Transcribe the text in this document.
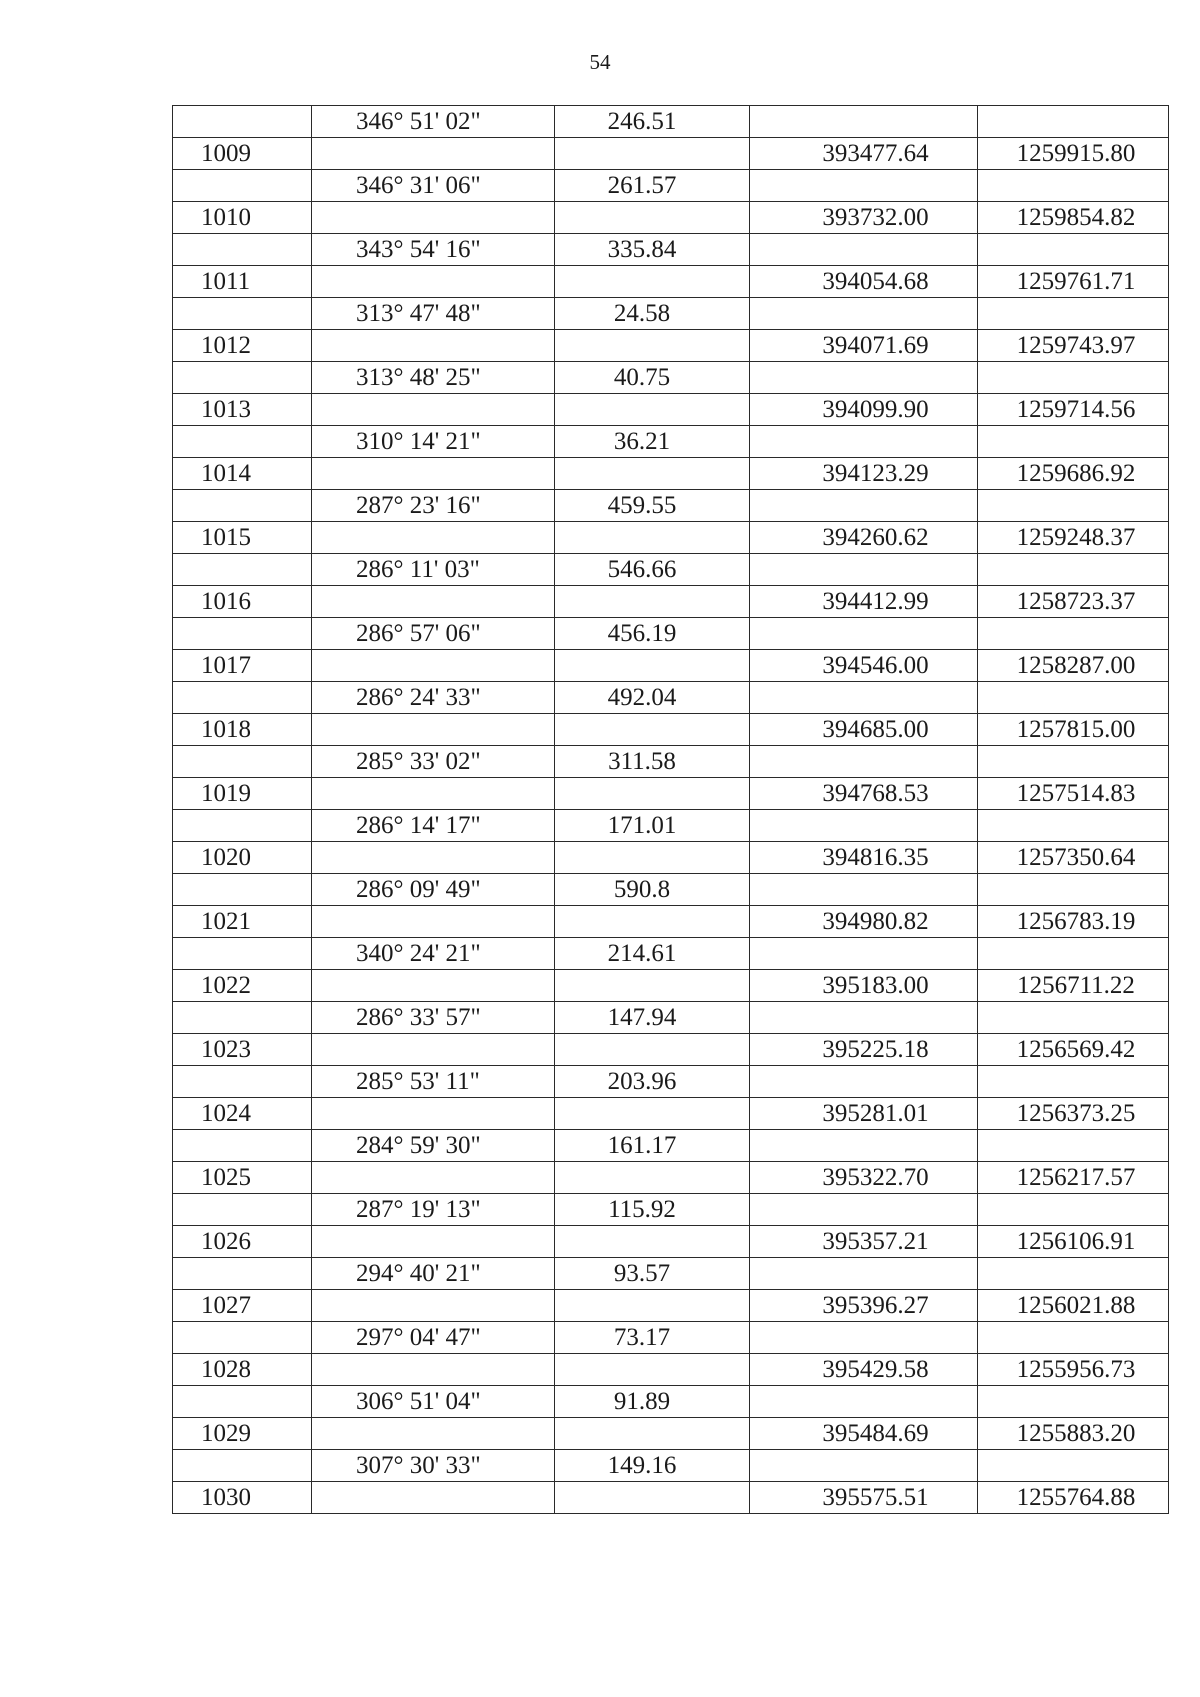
54
	346° 51' 02"	246.51		
1009			393477.64	1259915.80
	346° 31' 06"	261.57		
1010			393732.00	1259854.82
	343° 54' 16"	335.84		
1011			394054.68	1259761.71
	313° 47' 48"	24.58		
1012			394071.69	1259743.97
	313° 48' 25"	40.75		
1013			394099.90	1259714.56
	310° 14' 21"	36.21		
1014			394123.29	1259686.92
	287° 23' 16"	459.55		
1015			394260.62	1259248.37
	286° 11' 03"	546.66		
1016			394412.99	1258723.37
	286° 57' 06"	456.19		
1017			394546.00	1258287.00
	286° 24' 33"	492.04		
1018			394685.00	1257815.00
	285° 33' 02"	311.58		
1019			394768.53	1257514.83
	286° 14' 17"	171.01		
1020			394816.35	1257350.64
	286° 09' 49"	590.8		
1021			394980.82	1256783.19
	340° 24' 21"	214.61		
1022			395183.00	1256711.22
	286° 33' 57"	147.94		
1023			395225.18	1256569.42
	285° 53' 11"	203.96		
1024			395281.01	1256373.25
	284° 59' 30"	161.17		
1025			395322.70	1256217.57
	287° 19' 13"	115.92		
1026			395357.21	1256106.91
	294° 40' 21"	93.57		
1027			395396.27	1256021.88
	297° 04' 47"	73.17		
1028			395429.58	1255956.73
	306° 51' 04"	91.89		
1029			395484.69	1255883.20
	307° 30' 33"	149.16		
1030			395575.51	1255764.88
